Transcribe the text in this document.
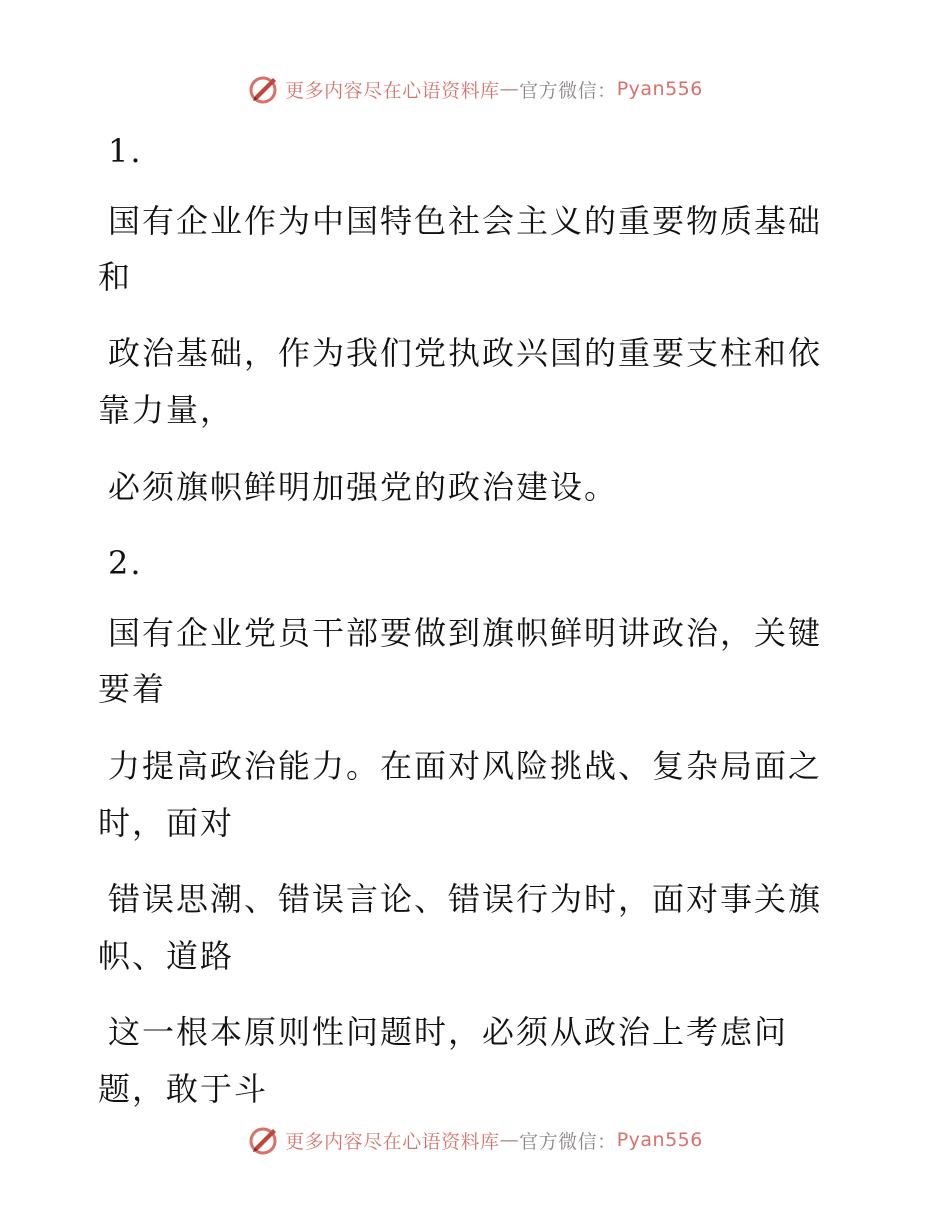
更多内容尽在心语资料库 — 官方微信： Pyan556
1.
国有企业作为中国特色社会主义的重要物质基础
和
政治基础，作为我们党执政兴国的重要支柱和依
靠力量，
必须旗帜鲜明加强党的政治建设。
2.
国有企业党员干部要做到旗帜鲜明讲政治，关键
要着
力提高政治能力。在面对风险挑战、复杂局面之
时，面对
错误思潮、错误言论、错误行为时，面对事关旗
帜、道路
这一根本原则性问题时，必须从政治上考虑问
题，敢于斗
更多内容尽在心语资料库 — 官方微信： Pyan556
